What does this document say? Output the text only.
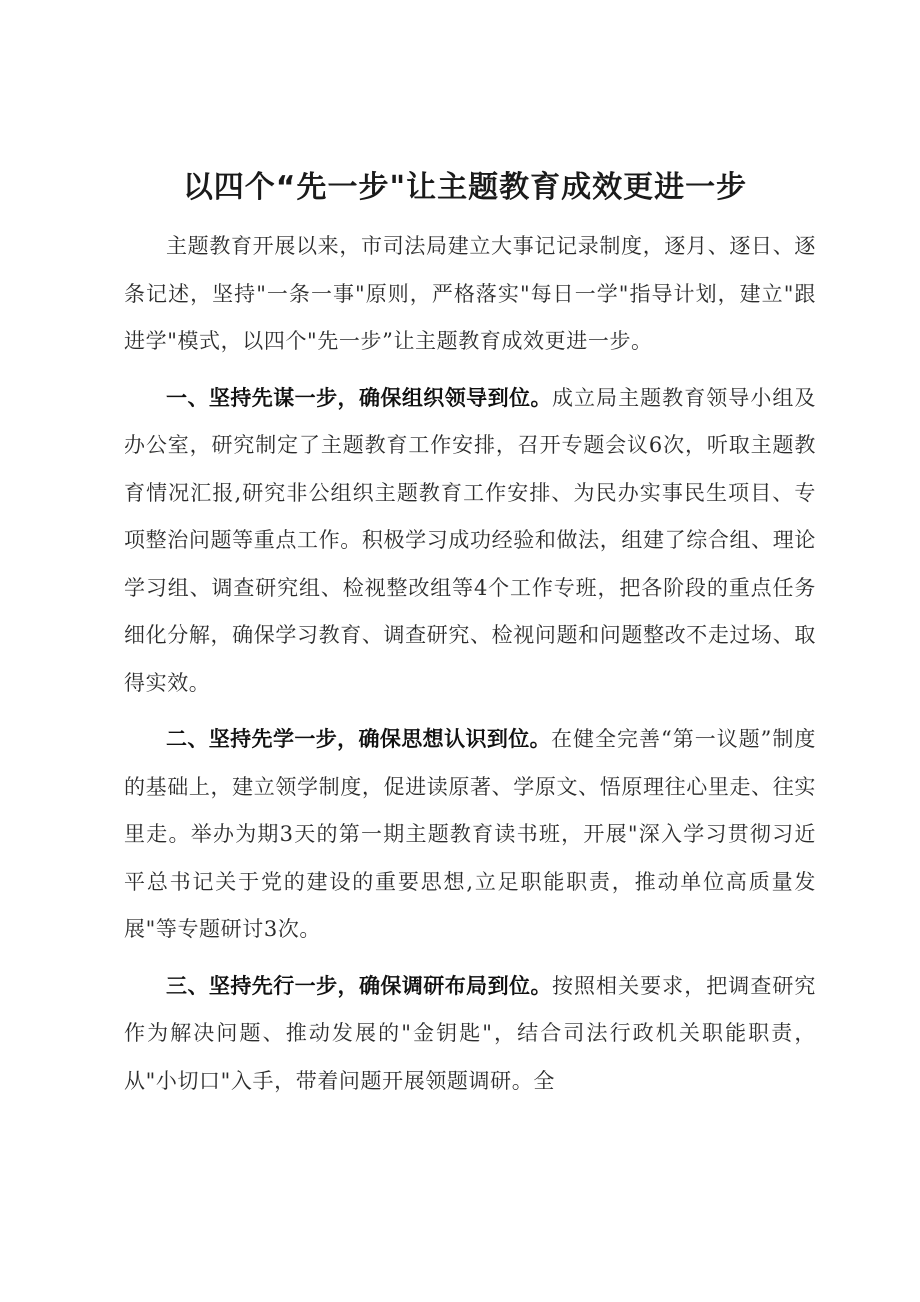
以四个“先一步"让主题教育成效更进一步

主题教育开展以来，市司法局建立大事记记录制度，逐月、逐日、逐条记述，坚持"一条一事"原则，严格落实"每日一学"指导计划，建立"跟进学"模式，以四个"先一步”让主题教育成效更进一步。

一、坚持先谋一步，确保组织领导到位。成立局主题教育领导小组及办公室，研究制定了主题教育工作安排，召开专题会议6次，听取主题教育情况汇报,研究非公组织主题教育工作安排、为民办实事民生项目、专项整治问题等重点工作。积极学习成功经验和做法，组建了综合组、理论学习组、调查研究组、检视整改组等4个工作专班，把各阶段的重点任务细化分解，确保学习教育、调查研究、检视问题和问题整改不走过场、取得实效。

二、坚持先学一步，确保思想认识到位。在健全完善“第一议题”制度的基础上，建立领学制度，促进读原著、学原文、悟原理往心里走、往实里走。举办为期3天的第一期主题教育读书班，开展"深入学习贯彻习近平总书记关于党的建设的重要思想,立足职能职责，推动单位高质量发展"等专题研讨3次。

三、坚持先行一步，确保调研布局到位。按照相关要求，把调查研究作为解决问题、推动发展的"金钥匙"，结合司法行政机关职能职责，从"小切口"入手，带着问题开展领题调研。全
